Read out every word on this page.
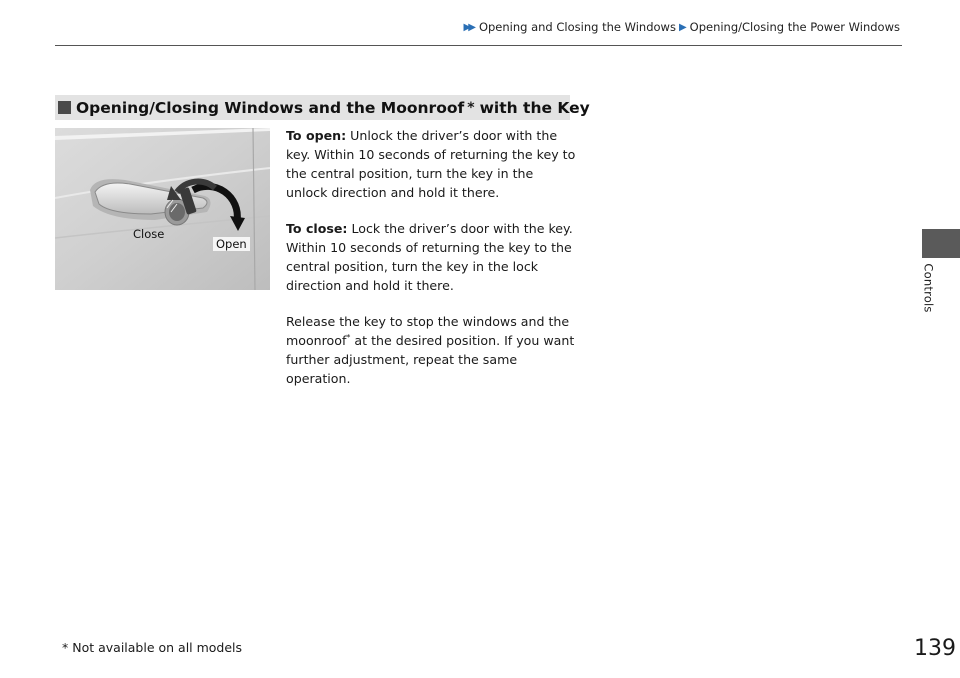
▶▶ Opening and Closing the Windows ▶ Opening/Closing the Power Windows
Controls
Opening/Closing Windows and the Moonroof * with the Key
Close
Open

To open: Unlock the driver’s door with the key. Within 10 seconds of returning the key to the central position, turn the key in the unlock direction and hold it there.

To close: Lock the driver’s door with the key. Within 10 seconds of returning the key to the central position, turn the key in the lock direction and hold it there.

Release the key to stop the windows and the moonroof* at the desired position. If you want further adjustment, repeat the same operation.

* Not available on all models	139
